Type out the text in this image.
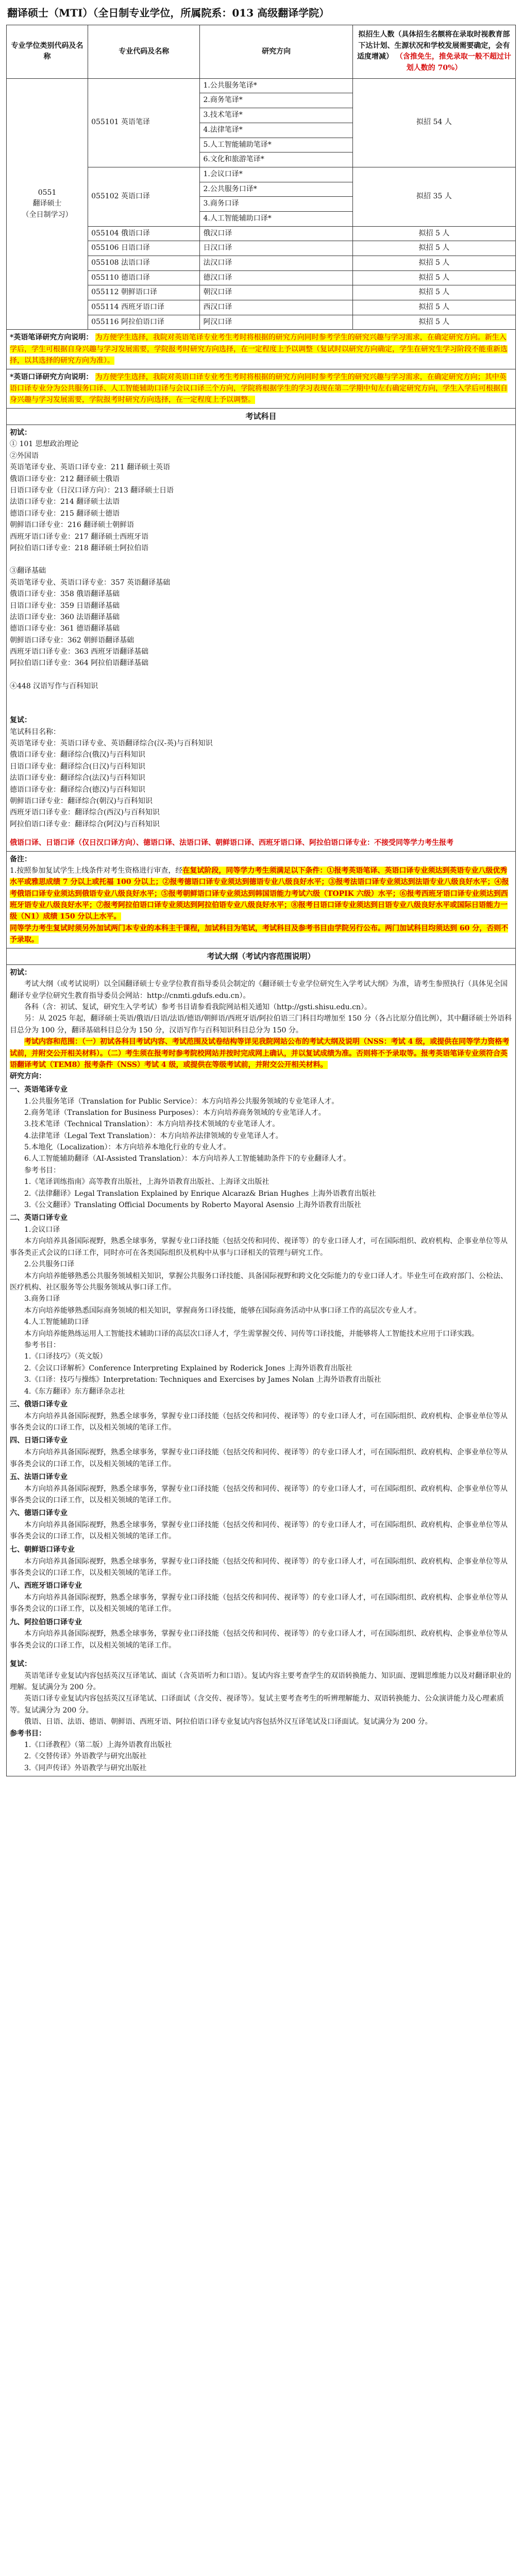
翻译硕士（MTI）（全日制专业学位，所属院系：013 高级翻译学院）
专业学位类别代码及名称	专业代码及名称	研究方向	拟招生人数（具体招生名额将在录取时视教育部下达计划、生源状况和学校发展需要确定，会有适度增减） （含推免生，推免录取一般不超过计划人数的 70%）
0551
翻译硕士
（全日制学习）	055101 英语笔译	1.公共服务笔译*	拟招 54 人
		2.商务笔译*	
		3.技术笔译*	
		4.法律笔译*	
		5.人工智能辅助笔译*	
		6.文化和旅游笔译*	
	055102 英语口译	1.会议口译*	拟招 35 人
		2.公共服务口译*	
		3.商务口译	
		4.人工智能辅助口译*	
	055104 俄语口译	俄汉口译	拟招 5 人
	055106 日语口译	日汉口译	拟招 5 人
	055108 法语口译	法汉口译	拟招 5 人
	055110 德语口译	德汉口译	拟招 5 人
	055112 朝鲜语口译	朝汉口译	拟招 5 人
	055114 西班牙语口译	西汉口译	拟招 5 人
	055116 阿拉伯语口译	阿汉口译	拟招 5 人
*英语笔译研究方向说明： 为方便学生选择，我院对英语笔译专业考生考时将根据的研究方向同时参考学生的研究兴趣与学习需求，在确定研究方向。新生入学后，学生可根据自身兴趣与学习发展需要，学院报考时研究方向选择，在一定程度上予以调整（复试时以研究方向确定，学生在研究生学习阶段不能重新选择，以其选择的研究方向为准）。
*英语口译研究方向说明： 为方便学生选择，我院对英语口译专业考生考时将根据的研究方向同时参考学生的研究兴趣与学习需求，在确定研究方向；其中英语口译专业分为公共服务口译、人工智能辅助口译与会议口译三个方向，学院将根据学生的学习表现在第二学期中旬左右确定研究方向，学生入学后可根据自身兴趣与学习发展需要，学院报考时研究方向选择，在一定程度上予以调整。
考试科目
初试：
① 101 思想政治理论
②外国语
英语笔译专业、英语口译专业：211 翻译硕士英语
俄语口译专业：212 翻译硕士俄语
日语口译专业（日汉口译方向）：213 翻译硕士日语
法语口译专业：214 翻译硕士法语
德语口译专业：215 翻译硕士德语
朝鲜语口译专业：216 翻译硕士朝鲜语
西班牙语口译专业：217 翻译硕士西班牙语
阿拉伯语口译专业：218 翻译硕士阿拉伯语
③翻译基础
英语笔译专业、英语口译专业：357 英语翻译基础
俄语口译专业：358 俄语翻译基础
日语口译专业：359 日语翻译基础
法语口译专业：360 法语翻译基础
德语口译专业：361 德语翻译基础
朝鲜语口译专业：362 朝鲜语翻译基础
西班牙语口译专业：363 西班牙语翻译基础
阿拉伯语口译专业：364 阿拉伯语翻译基础
④448 汉语写作与百科知识
复试：
笔试科目名称：
英语笔译专业：英语口译专业、英语翻译综合(汉-英)与百科知识
俄语口译专业：翻译综合(俄汉)与百科知识
日语口译专业：翻译综合(日汉)与百科知识
法语口译专业：翻译综合(法汉)与百科知识
德语口译专业：翻译综合(德汉)与百科知识
朝鲜语口译专业：翻译综合(朝汉)与百科知识
西班牙语口译专业：翻译综合(西汉)与百科知识
阿拉伯语口译专业：翻译综合(阿汉)与百科知识
俄语口译、日语口译（仅日汉口译方向）、德语口译、法语口译、朝鲜语口译、西班牙语口译、阿拉伯语口译专业：不接受同等学力考生报考
备注：
1.按照参加复试学生上线条件对考生资格进行审查，经在复试阶段，同等学力考生须满足以下条件：①报考英语笔译、英语口译专业须达到英语专业八级优秀水平或雅思成绩 7 分以上或托福 100 分以上；②报考德语口译专业须达到德语专业八级良好水平；③报考法语口译专业须达到法语专业八级良好水平；④报考俄语口译专业须达到俄语专业八级良好水平；⑤报考朝鲜语口译专业须达到韩国语能力考试六级（TOPIK 六级）水平；⑥报考西班牙语口译专业须达到西班牙语专业八级良好水平；⑦报考阿拉伯语口译专业须达到阿拉伯语专业八级良好水平；⑧报考日语口译专业须达到日语专业八级良好水平或国际日语能力一级（N1）成绩 150 分以上水平。
同等学力考生复试时须另外加试两门本专业的本科主干课程，加试科目为笔试，考试科目及参考书目由学院另行公布。两门加试科目均须达到 60 分，否则不予录取。
考试大纲（考试内容范围说明）
初试：
考试大纲（或考试说明）以全国翻译硕士专业学位教育指导委员会制定的《翻译硕士专业学位研究生入学考试大纲》为准，请考生参照执行（具体见全国翻译专业学位研究生教育指导委员会网站：http://cnmti.gdufs.edu.cn）。
各科（含：初试、复试，研究生入学考试）参考书目请参看我院网站相关通知（http://gsti.shisu.edu.cn）。
另：从 2025 年起，翻译硕士英语/俄语/日语/法语/德语/朝鲜语/西班牙语/阿拉伯语三门科目均增加至 150 分（各占比原分值比例），其中翻译硕士外语科目总分为 100 分，翻译基础科目总分为 150 分，汉语写作与百科知识科目总分为 150 分。
考试内容和范围：（一）初试各科目考试内容、考试范围及试卷结构等详见我院网站公布的考试大纲及说明（NSS：考试 4 级，或提供在同等学力资格考试前，并附交公开相关材料）。（二）考生须在报考时参考院校网站并按时完成网上确认，并以复试成绩为准。否则将不予录取等。报考英语笔译专业须符合英语翻译考试（TEM8）报考条件（NSS）考试 4 级，或提供在等级考试前，并附交公开相关材料。
研究方向：
一、英语笔译专业
1.公共服务笔译（Translation for Public Service）：本方向培养公共服务领域的专业笔译人才。
2.商务笔译（Translation for Business Purposes）：本方向培养商务领域的专业笔译人才。
3.技术笔译（Technical Translation）：本方向培养技术领域的专业笔译人才。
4.法律笔译（Legal Text Translation）：本方向培养法律领域的专业笔译人才。
5.本地化（Localization）：本方向培养本地化行业的专业人才。
6.人工智能辅助翻译（AI-Assisted Translation）：本方向培养人工智能辅助条件下的专业翻译人才。
参考书目：
1.《笔译训练指南》高等教育出版社，上海外语教育出版社、上海译文出版社
2.《法律翻译》Legal Translation Explained by Enrique Alcaraz& Brian Hughes 上海外语教育出版社
3.《公文翻译》Translating Official Documents by Roberto Mayoral Asensio 上海外语教育出版社
二、英语口译专业
1.会议口译
本方向培养具备国际视野，熟悉全球事务，掌握专业口译技能（包括交传和同传、视译等）的专业口译人才，可在国际组织、政府机构、企事业单位等从事各类正式会议的口译工作，同时亦可在各类国际组织及机构中从事与口译相关的管理与研究工作。
2.公共服务口译
本方向培养能够熟悉公共服务领域相关知识，掌握公共服务口译技能、具备国际视野和跨文化交际能力的专业口译人才。毕业生可在政府部门、公检法、医疗机构、社区服务等公共服务领域从事口译工作。
3.商务口译
本方向培养能够熟悉国际商务领域的相关知识，掌握商务口译技能，能够在国际商务活动中从事口译工作的高层次专业人才。
4.人工智能辅助口译
本方向培养能熟练运用人工智能技术辅助口译的高层次口译人才，学生需掌握交传、同传等口译技能，并能够将人工智能技术应用于口译实践。
参考书目：
1.《口译技巧》（英文版）
2.《会议口译解析》Conference Interpreting Explained by Roderick Jones 上海外语教育出版社
3.《口译：技巧与操练》Interpretation: Techniques and Exercises by James Nolan 上海外语教育出版社
4.《东方翻译》东方翻译杂志社
三、俄语口译专业
本方向培养具备国际视野，熟悉全球事务，掌握专业口译技能（包括交传和同传、视译等）的专业口译人才，可在国际组织、政府机构、企事业单位等从事各类会议的口译工作，以及相关领域的笔译工作。
四、日语口译专业
本方向培养具备国际视野，熟悉全球事务，掌握专业口译技能（包括交传和同传、视译等）的专业口译人才，可在国际组织、政府机构、企事业单位等从事各类会议的口译工作，以及相关领域的笔译工作。
五、法语口译专业
本方向培养具备国际视野，熟悉全球事务，掌握专业口译技能（包括交传和同传、视译等）的专业口译人才，可在国际组织、政府机构、企事业单位等从事各类会议的口译工作，以及相关领域的笔译工作。
六、德语口译专业
本方向培养具备国际视野，熟悉全球事务，掌握专业口译技能（包括交传和同传、视译等）的专业口译人才，可在国际组织、政府机构、企事业单位等从事各类会议的口译工作，以及相关领域的笔译工作。
七、朝鲜语口译专业
本方向培养具备国际视野，熟悉全球事务，掌握专业口译技能（包括交传和同传、视译等）的专业口译人才，可在国际组织、政府机构、企事业单位等从事各类会议的口译工作，以及相关领域的笔译工作。
八、西班牙语口译专业
本方向培养具备国际视野，熟悉全球事务，掌握专业口译技能（包括交传和同传、视译等）的专业口译人才，可在国际组织、政府机构、企事业单位等从事各类会议的口译工作，以及相关领域的笔译工作。
九、阿拉伯语口译专业
本方向培养具备国际视野，熟悉全球事务，掌握专业口译技能（包括交传和同传、视译等）的专业口译人才，可在国际组织、政府机构、企事业单位等从事各类会议的口译工作，以及相关领域的笔译工作。
复试：
英语笔译专业复试内容包括英汉互译笔试、面试（含英语听力和口语）。复试内容主要考查学生的双语转换能力、知识面、逻辑思维能力以及对翻译职业的理解。复试满分为 200 分。
英语口译专业复试内容包括英汉互译笔试、口译面试（含交传、视译等）。复试主要考查考生的听辨理解能力、双语转换能力、公众演讲能力及心理素质等。复试满分为 200 分。
俄语、日语、法语、德语、朝鲜语、西班牙语、阿拉伯语口译专业复试内容包括外汉互译笔试及口译面试。复试满分为 200 分。
参考书目：
1.《口译教程》（第二版）上海外语教育出版社
2.《交替传译》外语教学与研究出版社
3.《同声传译》外语教学与研究出版社
